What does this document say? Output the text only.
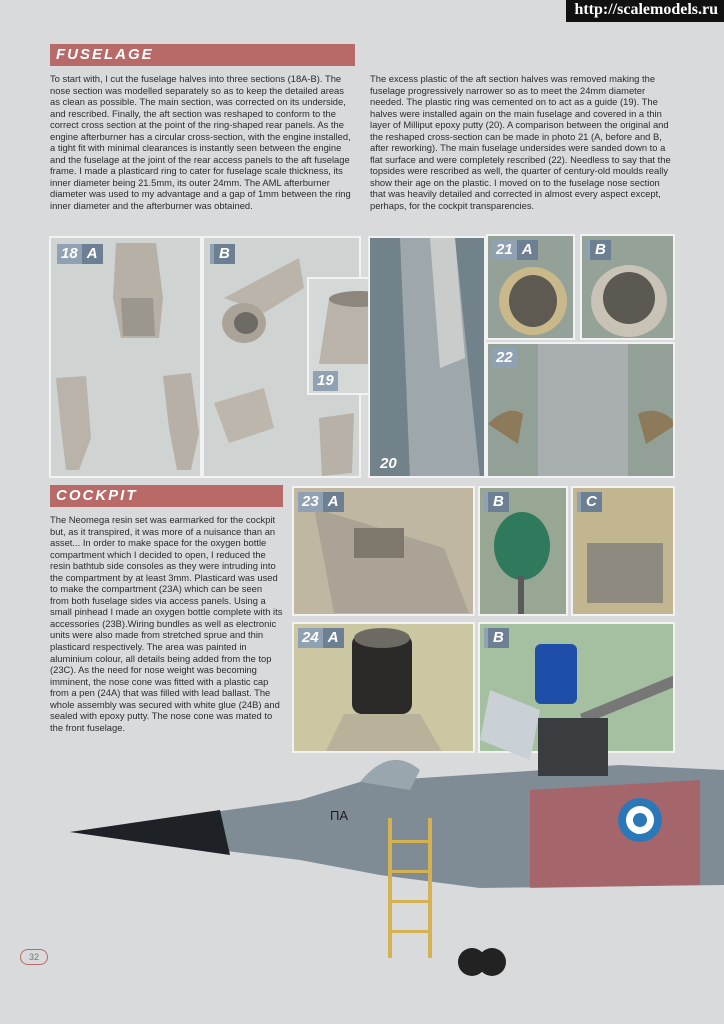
http://scalemodels.ru
FUSELAGE

To start with, I cut the fuselage halves into three sections (18A-B). The nose section was modelled separately so as to keep the detailed areas as clean as possible. The main section, was corrected on its underside, and rescribed. Finally, the aft section was reshaped to conform to the correct cross section at the point of the ring-shaped rear panels. As the engine afterburner has a circular cross-section, with the engine installed, a tight fit with minimal clearances is instantly seen between the engine and the fuselage at the joint of the rear access panels to the aft fuselage frame. I made a plasticard ring to cater for fuselage scale thickness, its inner diameter being 21.5mm, its outer 24mm. The AML afterburner diameter was used to my advantage and a gap of 1mm between the ring inner diameter and the afterburner was obtained.

The excess plastic of the aft section halves was removed making the fuselage progressively narrower so as to meet the 24mm diameter needed. The plastic ring was cemented on to act as a guide (19). The halves were installed again on the main fuselage and covered in a thin layer of Milliput epoxy putty (20). A comparison between the original and the reshaped cross-section can be made in photo 21 (A, before and B, after reworking). The main fuselage undersides were sanded down to a flat surface and were completely rescribed (22). Needless to say that the topsides were rescribed as well, the quarter of century-old moulds really show their age on the plastic. I moved on to the fuselage nose section that was heavily detailed and corrected in almost every aspect except, perhaps, for the cockpit transparencies.

18 A	B
19
20
21 A	B
22
COCKPIT

The Neomega resin set was earmarked for the cockpit but, as it transpired, it was more of a nuisance than an asset... In order to make space for the oxygen bottle compartment which I decided to open, I reduced the resin bathtub side consoles as they were intruding into the compartment by at least 3mm. Plasticard was used to make the compartment (23A) which can be seen from both fuselage sides via access panels. Using a small pinhead I made an oxygen bottle complete with its accessories (23B).Wiring bundles as well as electronic units were also made from stretched sprue and thin plasticard respectively. The area was painted in aluminium colour, all details being added from the top (23C). As the need for nose weight was becoming imminent, the nose cone was fitted with a plastic cap from a pen (24A) that was filled with lead ballast. The whole assembly was secured with white glue (24B) and sealed with epoxy putty. The nose cone was mated to the front fuselage.

23 A	B	C
24 A	B
ΠΑ
32
